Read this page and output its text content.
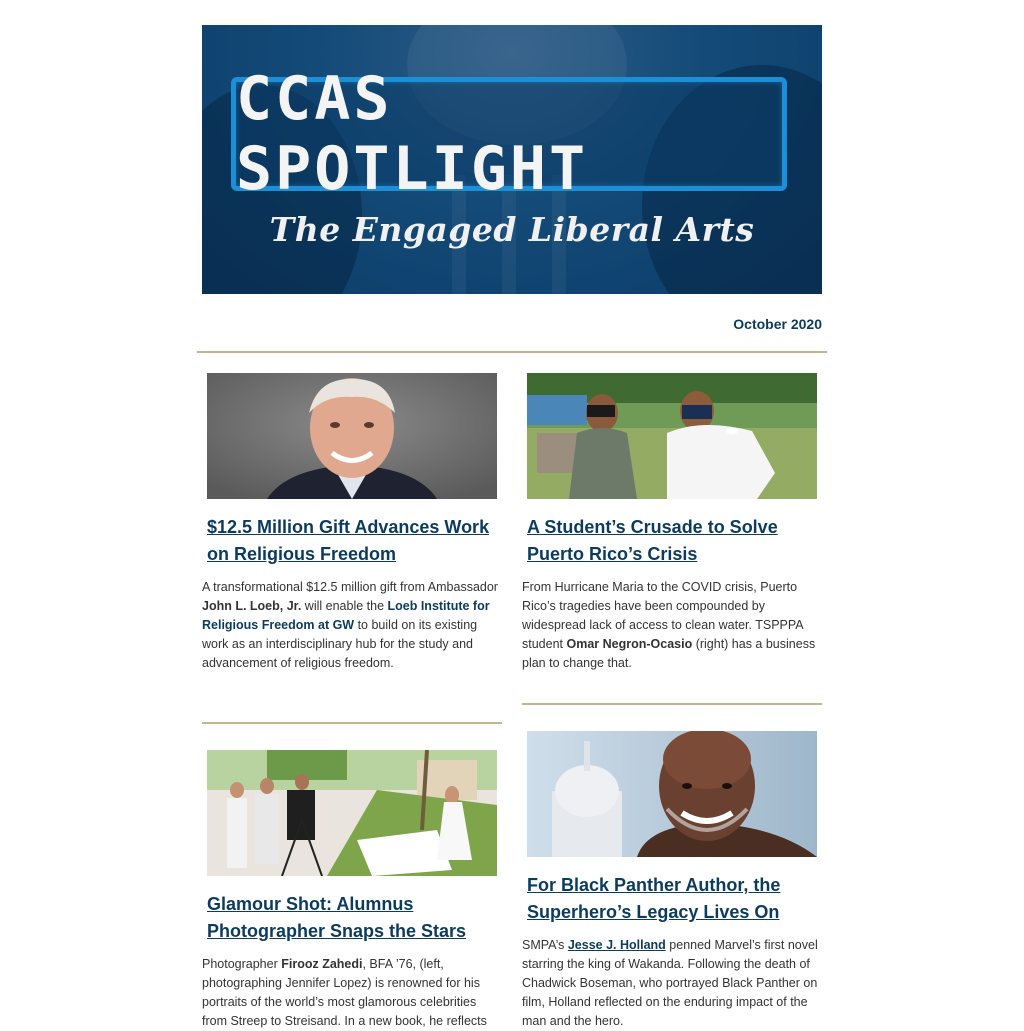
CCAS SPOTLIGHT
The Engaged Liberal Arts
October 2020
$12.5 Million Gift Advances Work on Religious Freedom

A transformational $12.5 million gift from Ambassador John L. Loeb, Jr. will enable the Loeb Institute for Religious Freedom at GW to build on its existing work as an interdisciplinary hub for the study and advancement of religious freedom.

A Student’s Crusade to Solve Puerto Rico’s Crisis

From Hurricane Maria to the COVID crisis, Puerto Rico’s tragedies have been compounded by widespread lack of access to clean water. TSPPPA student Omar Negron-Ocasio (right) has a business plan to change that.

Glamour Shot: Alumnus Photographer Snaps the Stars

Photographer Firooz Zahedi, BFA ’76, (left, photographing Jennifer Lopez) is renowned for his portraits of the world’s most glamorous celebrities from Streep to Streisand. In a new book, he reflects

For Black Panther Author, the Superhero’s Legacy Lives On

SMPA’s Jesse J. Holland penned Marvel’s first novel starring the king of Wakanda. Following the death of Chadwick Boseman, who portrayed Black Panther on film, Holland reflected on the enduring impact of the man and the hero.
